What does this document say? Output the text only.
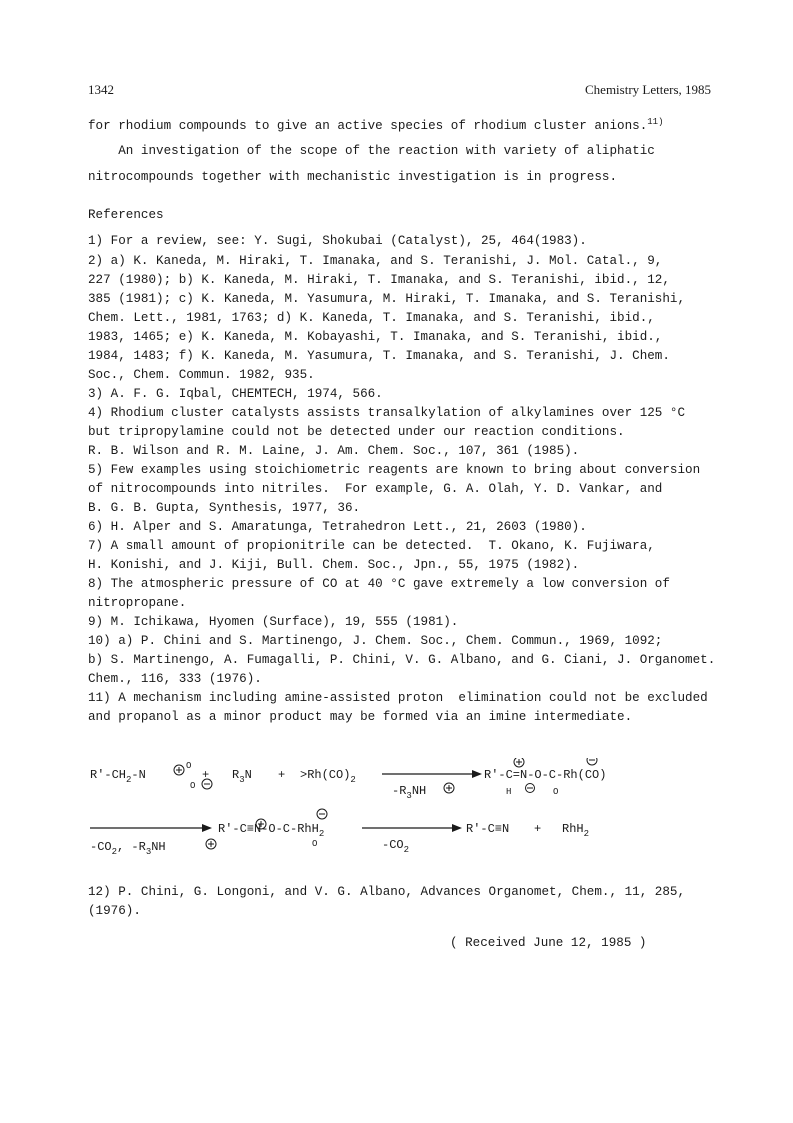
1342	Chemistry Letters, 1985
for rhodium compounds to give an active species of rhodium cluster anions.$^{11)}$
An investigation of the scope of the reaction with variety of aliphatic
nitrocompounds together with mechanistic investigation is in progress.
References
1) For a review, see: Y. Sugi, Shokubai (Catalyst), 25, 464(1983).
2) a) K. Kaneda, M. Hiraki, T. Imanaka, and S. Teranishi, J. Mol. Catal., 9,
227 (1980); b) K. Kaneda, M. Hiraki, T. Imanaka, and S. Teranishi, ibid., 12,
385 (1981); c) K. Kaneda, M. Yasumura, M. Hiraki, T. Imanaka, and S. Teranishi,
Chem. Lett., 1981, 1763; d) K. Kaneda, T. Imanaka, and S. Teranishi, ibid.,
1983, 1465; e) K. Kaneda, M. Kobayashi, T. Imanaka, and S. Teranishi, ibid.,
1984, 1483; f) K. Kaneda, M. Yasumura, T. Imanaka, and S. Teranishi, J. Chem.
Soc., Chem. Commun. 1982, 935.
3) A. F. G. Iqbal, CHEMTECH, 1974, 566.
4) Rhodium cluster catalysts assists transalkylation of alkylamines over 125 °C
but tripropylamine could not be detected under our reaction conditions.
R. B. Wilson and R. M. Laine, J. Am. Chem. Soc., 107, 361 (1985).
5) Few examples using stoichiometric reagents are known to bring about conversion
of nitrocompounds into nitriles.  For example, G. A. Olah, Y. D. Vankar, and
B. G. B. Gupta, Synthesis, 1977, 36.
6) H. Alper and S. Amaratunga, Tetrahedron Lett., 21, 2603 (1980).
7) A small amount of propionitrile can be detected.  T. Okano, K. Fujiwara,
H. Konishi, and J. Kiji, Bull. Chem. Soc., Jpn., 55, 1975 (1982).
8) The atmospheric pressure of CO at 40 °C gave extremely a low conversion of
nitropropane.
9) M. Ichikawa, Hyomen (Surface), 19, 555 (1981).
10) a) P. Chini and S. Martinengo, J. Chem. Soc., Chem. Commun., 1969, 1092;
b) S. Martinengo, A. Fumagalli, P. Chini, V. G. Albano, and G. Ciani, J. Organomet.
Chem., 116, 333 (1976).
11) A mechanism including amine-assisted proton  elimination could not be excluded
and propanol as a minor product may be formed via an imine intermediate.
$R'-CH_2-N$
O
O
+ $R_3N + >Rh(CO)_2$
$-R_3NH$
R'-C=N-O-C-Rh(CO)
H	O
$-CO_2$, $-R_3NH$
R'-C≡N-O-C-RhH$_2$
O	$-CO_2$
R'-C≡N + RhH$_2$
12) P. Chini, G. Longoni, and V. G. Albano, Advances Organomet, Chem., 11, 285,
(1976).
( Received June 12, 1985 )
